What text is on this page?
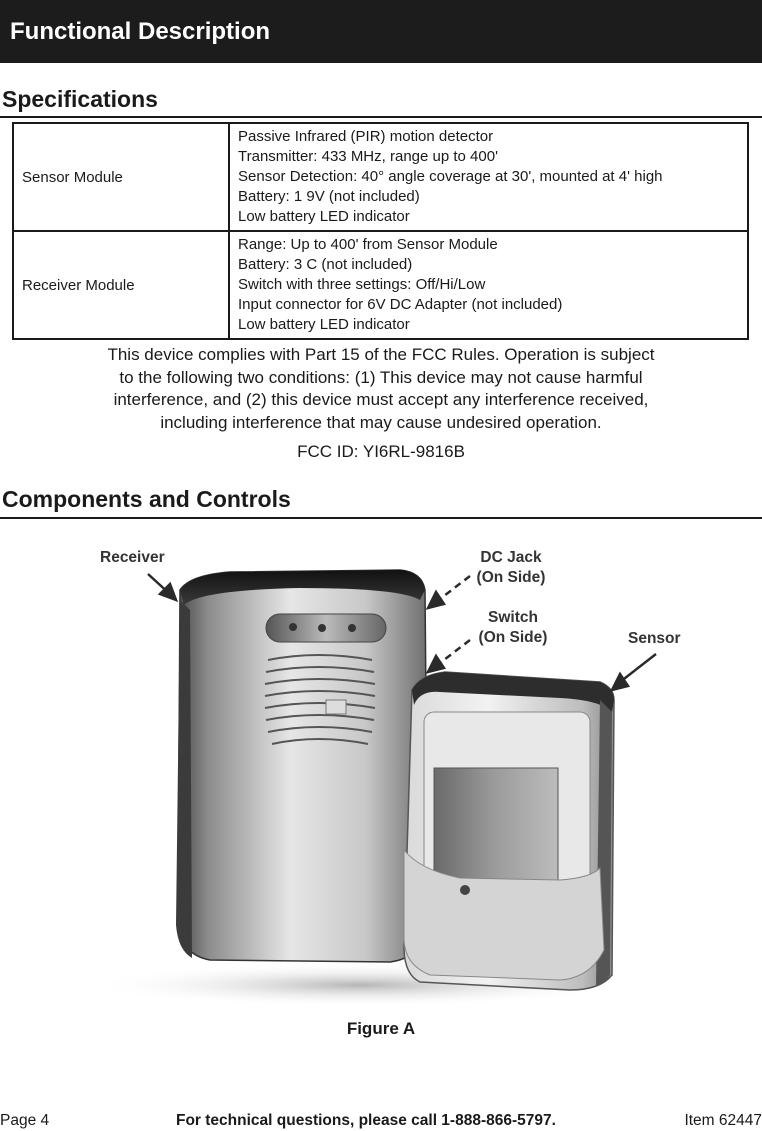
Functional Description
Specifications
Sensor Module	Passive Infrared (PIR) motion detector
Transmitter: 433 MHz, range up to 400'
Sensor Detection: 40° angle coverage at 30', mounted at 4' high
Battery: 1 9V (not included)
Low battery LED indicator

Receiver Module	Range: Up to 400' from Sensor Module
Battery: 3 C (not included)
Switch with three settings: Off/Hi/Low
Input connector for 6V DC Adapter (not included)
Low battery LED indicator
This device complies with Part 15 of the FCC Rules. Operation is subject
to the following two conditions: (1) This device may not cause harmful
interference, and (2) this device must accept any interference received,
including interference that may cause undesired operation.
FCC ID: YI6RL-9816B
Components and Controls
Receiver	DC Jack
(On Side)
Switch
(On Side)	Sensor
Figure A
Page 4	For technical questions, please call 1-888-866-5797.	Item 62447
